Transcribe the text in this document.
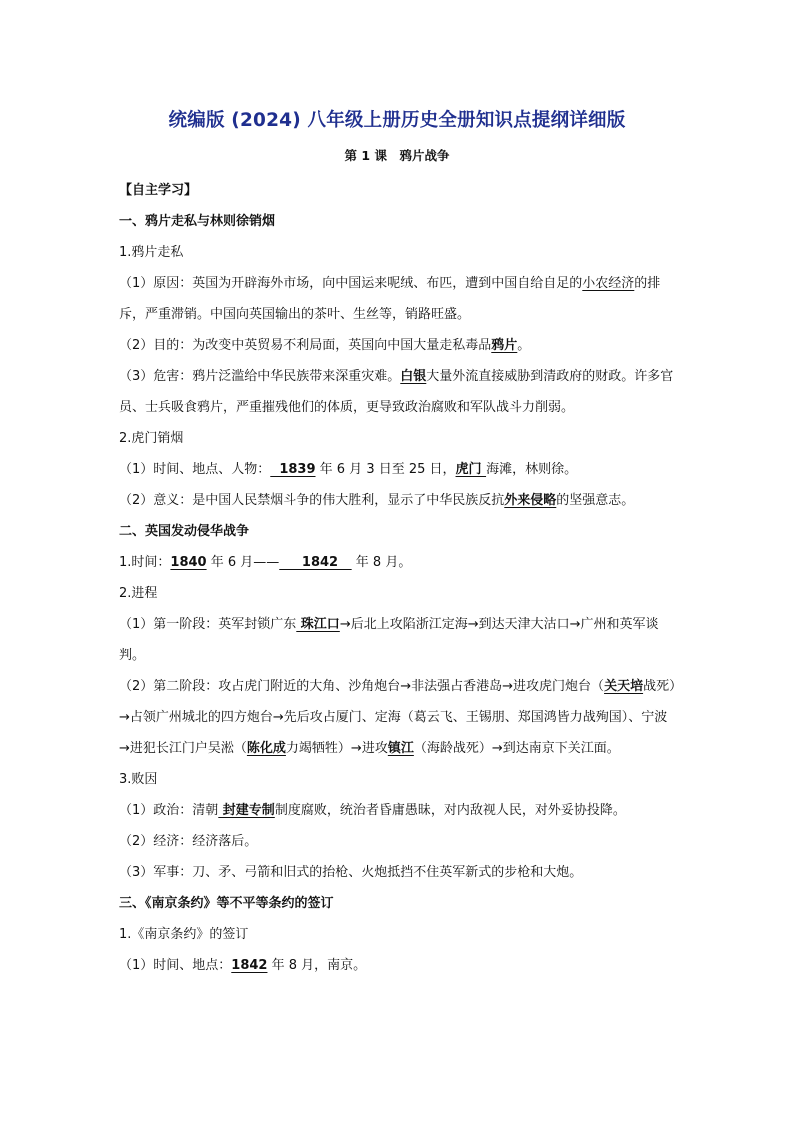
统编版 (2024) 八年级上册历史全册知识点提纲详细版
第 1 课　鸦片战争

【自主学习】

一、鸦片走私与林则徐销烟

1.鸦片走私

（1）原因：英国为开辟海外市场，向中国运来呢绒、布匹，遭到中国自给自足的小农经济的排斥，严重滞销。中国向英国输出的茶叶、生丝等，销路旺盛。

（2）目的：为改变中英贸易不利局面，英国向中国大量走私毒品鸦片。

（3）危害：鸦片泛滥给中华民族带来深重灾难。白银大量外流直接威胁到清政府的财政。许多官员、士兵吸食鸦片，严重摧残他们的体质，更导致政治腐败和军队战斗力削弱。

2.虎门销烟

（1）时间、地点、人物：  1839 年 6 月 3 日至 25 日，虎门 海滩，林则徐。

（2）意义：是中国人民禁烟斗争的伟大胜利，显示了中华民族反抗外来侵略的坚强意志。

二、英国发动侵华战争

1.时间：1840 年 6 月——     1842    年 8 月。

2.进程

（1）第一阶段：英军封锁广东 珠江口→后北上攻陷浙江定海→到达天津大沽口→广州和英军谈判。

（2）第二阶段：攻占虎门附近的大角、沙角炮台→非法强占香港岛→进攻虎门炮台（关天培战死）→占领广州城北的四方炮台→先后攻占厦门、定海（葛云飞、王锡朋、郑国鸿皆力战殉国）、宁波→进犯长江门户吴淞（陈化成力竭牺牲）→进攻镇江（海龄战死）→到达南京下关江面。

3.败因

（1）政治：清朝 封建专制制度腐败，统治者昏庸愚昧，对内敌视人民，对外妥协投降。

（2）经济：经济落后。

（3）军事：刀、矛、弓箭和旧式的抬枪、火炮抵挡不住英军新式的步枪和大炮。

三、《南京条约》等不平等条约的签订

1.《南京条约》的签订

（1）时间、地点：1842 年 8 月，南京。
